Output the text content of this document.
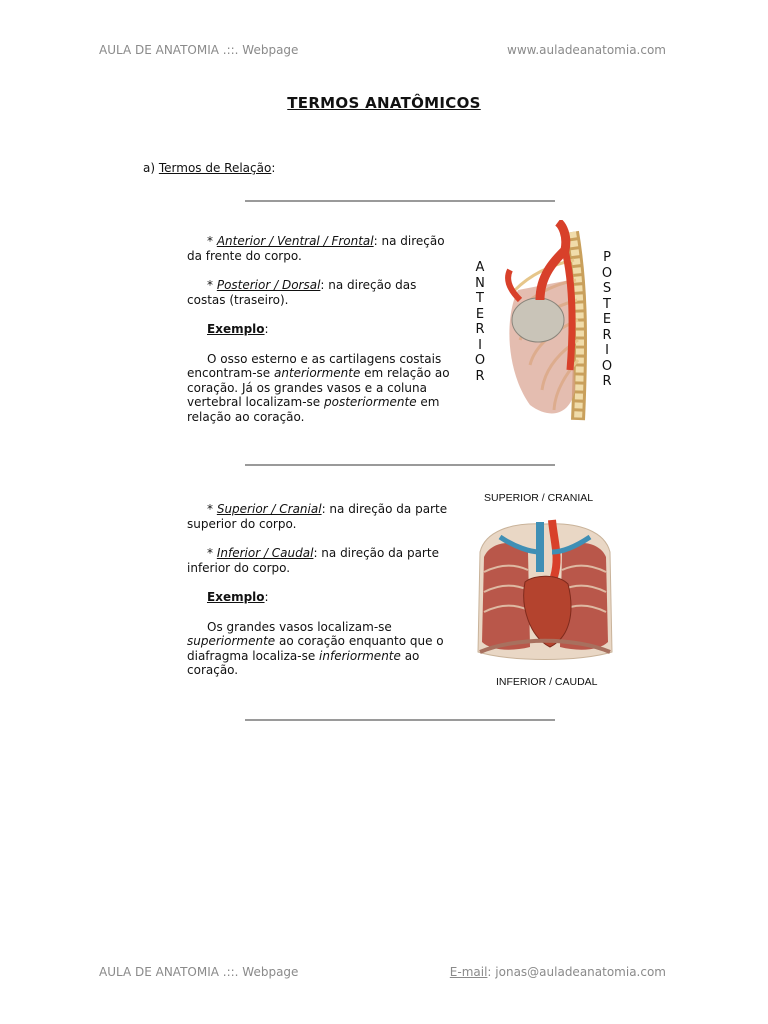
AULA DE ANATOMIA .::. Webpage	www.auladeanatomia.com
TERMOS ANATÔMICOS
a) Termos de Relação:

* Anterior / Ventral / Frontal: na direção da frente do corpo.

* Posterior / Dorsal: na direção das costas (traseiro).

Exemplo:

O osso esterno e as cartilagens costais encontram-se anteriormente em relação ao coração. Já os grandes vasos e a coluna vertebral localizam-se posteriormente em relação ao coração.

A
N
T
E
R
I
O
R
P
O
S
T
E
R
I
O
R

* Superior / Cranial: na direção da parte superior do corpo.

* Inferior / Caudal: na direção da parte inferior do corpo.

Exemplo:

Os grandes vasos localizam-se superiormente ao coração enquanto que o diafragma localiza-se inferiormente ao coração.

SUPERIOR / CRANIAL
INFERIOR / CAUDAL
AULA DE ANATOMIA .::. Webpage	E-mail: jonas@auladeanatomia.com
